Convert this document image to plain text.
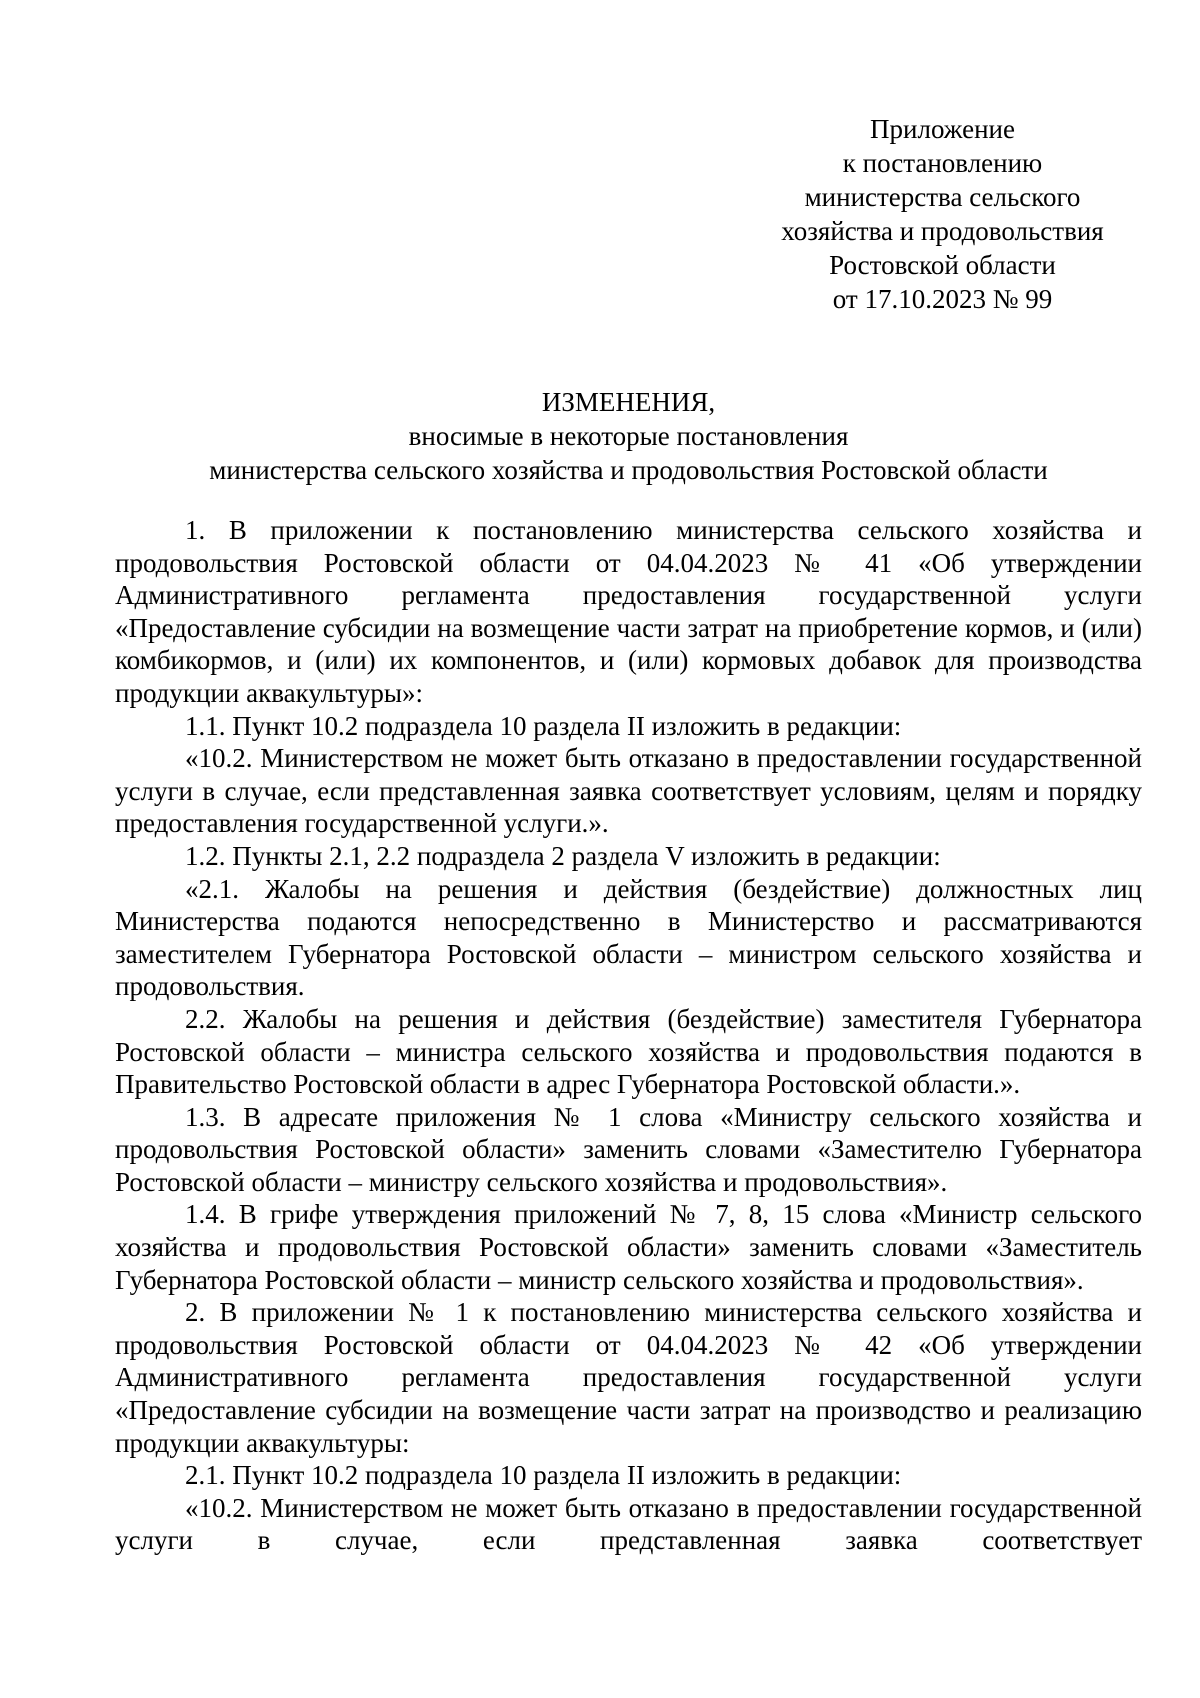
Приложение
к постановлению
министерства сельского
хозяйства и продовольствия
Ростовской области
от 17.10.2023 № 99
ИЗМЕНЕНИЯ,
вносимые в некоторые постановления
министерства сельского хозяйства и продовольствия Ростовской области

1. В приложении к постановлению министерства сельского хозяйства и продовольствия Ростовской области от 04.04.2023 № 41 «Об утверждении Административного регламента предоставления государственной услуги «Предоставление субсидии на возмещение части затрат на приобретение кормов, и (или) комбикормов, и (или) их компонентов, и (или) кормовых добавок для производства продукции аквакультуры»:

1.1. Пункт 10.2 подраздела 10 раздела II изложить в редакции:

«10.2. Министерством не может быть отказано в предоставлении государственной услуги в случае, если представленная заявка соответствует условиям, целям и порядку предоставления государственной услуги.».

1.2. Пункты 2.1, 2.2 подраздела 2 раздела V изложить в редакции:

«2.1. Жалобы на решения и действия (бездействие) должностных лиц Министерства подаются непосредственно в Министерство и рассматриваются заместителем Губернатора Ростовской области – министром сельского хозяйства и продовольствия.

2.2. Жалобы на решения и действия (бездействие) заместителя Губернатора Ростовской области – министра сельского хозяйства и продовольствия подаются в Правительство Ростовской области в адрес Губернатора Ростовской области.».

1.3. В адресате приложения № 1 слова «Министру сельского хозяйства и продовольствия Ростовской области» заменить словами «Заместителю Губернатора Ростовской области – министру сельского хозяйства и продовольствия».

1.4. В грифе утверждения приложений № 7, 8, 15 слова «Министр сельского хозяйства и продовольствия Ростовской области» заменить словами «Заместитель Губернатора Ростовской области – министр сельского хозяйства и продовольствия».

2. В приложении № 1 к постановлению министерства сельского хозяйства и продовольствия Ростовской области от 04.04.2023 № 42 «Об утверждении Административного регламента предоставления государственной услуги «Предоставление субсидии на возмещение части затрат на производство и реализацию продукции аквакультуры:

2.1. Пункт 10.2 подраздела 10 раздела II изложить в редакции:

«10.2. Министерством не может быть отказано в предоставлении государственной услуги в случае, если представленная заявка соответствует
